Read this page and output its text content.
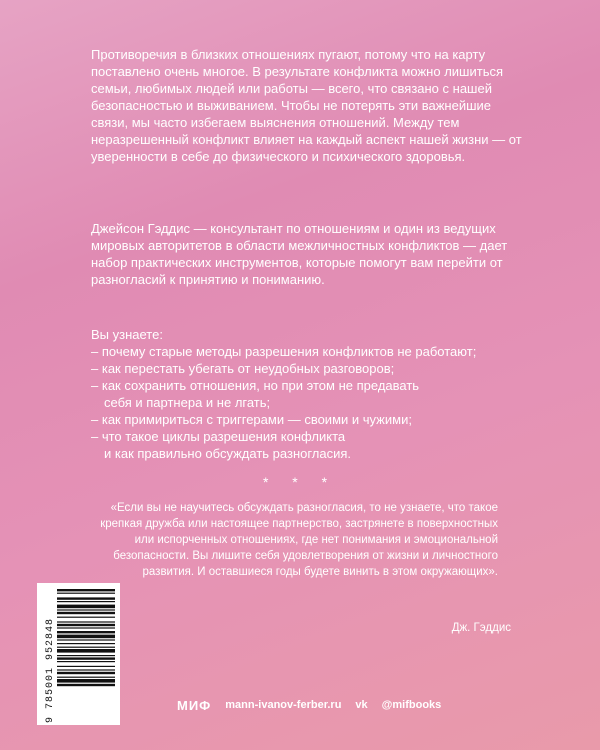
Противоречия в близких отношениях пугают, потому что на карту поставлено очень многое. В результате конфликта можно лишиться семьи, любимых людей или работы — всего, что связано с нашей безопасностью и выживанием. Чтобы не потерять эти важнейшие связи, мы часто избегаем выяснения отношений. Между тем неразрешенный конфликт влияет на каждый аспект нашей жизни — от уверенности в себе до физического и психического здоровья.

Джейсон Гэддис — консультант по отношениям и один из ведущих мировых авторитетов в области межличностных конфликтов — дает набор практических инструментов, которые помогут вам перейти от разногласий к принятию и пониманию.

Вы узнаете:
– почему старые методы разрешения конфликтов не работают;
– как перестать убегать от неудобных разговоров;
– как сохранить отношения, но при этом не предавать
себя и партнера и не лгать;
– как примириться с триггерами — своими и чужими;
– что такое циклы разрешения конфликта
и как правильно обсуждать разногласия.

* * *

«Если вы не научитесь обсуждать разногласия, то не узнаете, что такое крепкая дружба или настоящее партнерство, застрянете в поверхностных или испорченных отношениях, где нет понимания и эмоциональной безопасности. Вы лишите себя удовлетворения от жизни и личностного развития. И оставшиеся годы будете винить в этом окружающих».

Дж. Гэддис

9 785001 952848	МИФ mann-ivanov-ferber.ru vk @mifbooks
